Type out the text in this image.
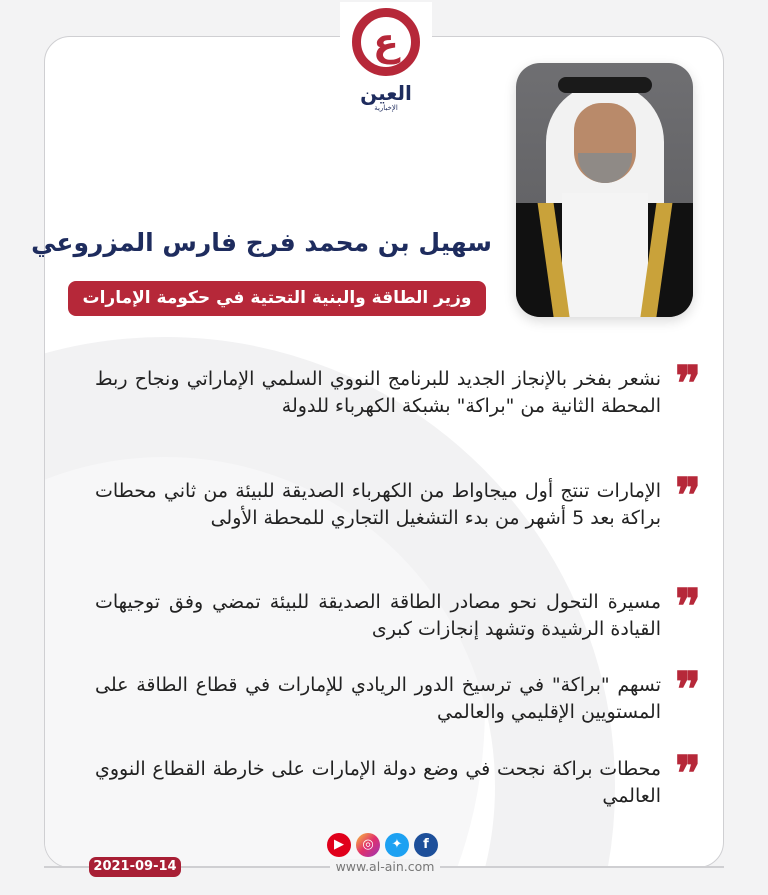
ع
العين
الإخبارية
سهيل بن محمد فرج فارس المزروعي
وزير الطاقة والبنية التحتية في حكومة الإمارات
❞
نشعر بفخر بالإنجاز الجديد للبرنامج النووي السلمي الإماراتي ونجاح ربط المحطة الثانية من "براكة" بشبكة الكهرباء للدولة
❞
الإمارات تنتج أول ميجاواط من الكهرباء الصديقة للبيئة من ثاني محطات براكة بعد 5 أشهر من بدء التشغيل التجاري للمحطة الأولى
❞
مسيرة التحول نحو مصادر الطاقة الصديقة للبيئة تمضي وفق توجيهات القيادة الرشيدة وتشهد إنجازات كبرى
❞
تسهم "براكة" في ترسيخ الدور الريادي للإمارات في قطاع الطاقة على المستويين الإقليمي والعالمي
❞
محطات براكة نجحت في وضع دولة الإمارات على خارطة القطاع النووي العالمي
2021-09-14
▶	◎	✦	f
www.al-ain.com
